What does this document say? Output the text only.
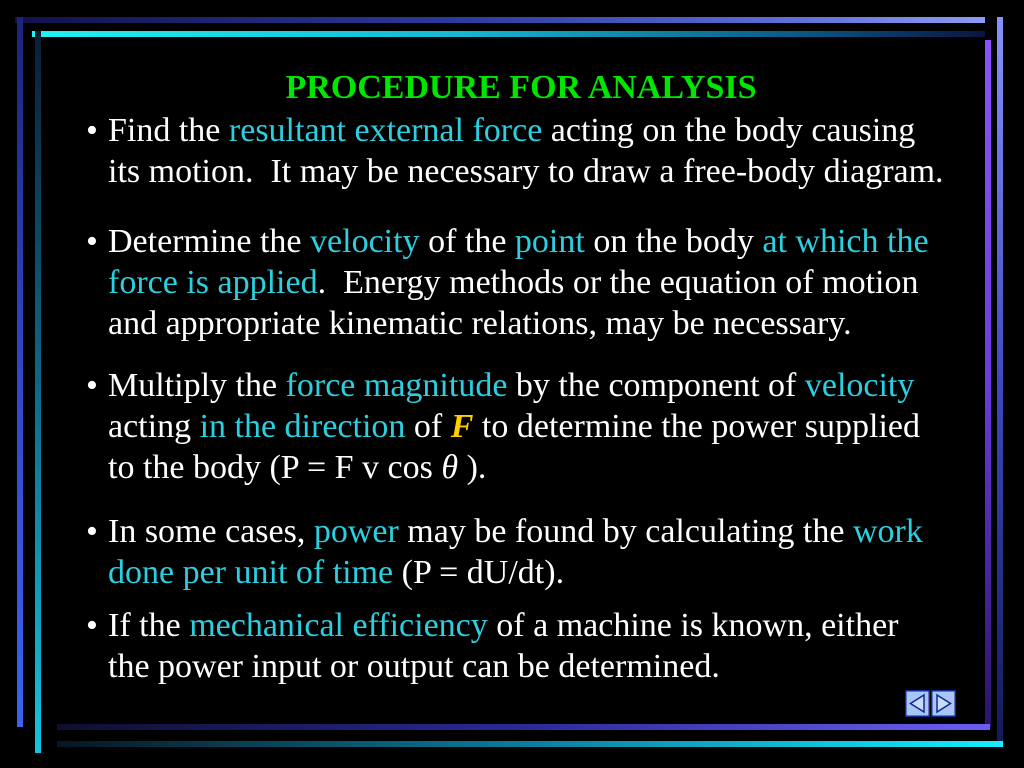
PROCEDURE FOR ANALYSIS
• Find the resultant external force acting on the body causing
its motion.  It may be necessary to draw a free-body diagram.
• Determine the velocity of the point on the body at which the
force is applied.  Energy methods or the equation of motion
and appropriate kinematic relations, may be necessary.
• Multiply the force magnitude by the component of velocity
acting in the direction of F to determine the power supplied
to the body (P = F v cos θ ).
• In some cases, power may be found by calculating the work
done per unit of time (P = dU/dt).
• If the mechanical efficiency of a machine is known, either
the power input or output can be determined.
